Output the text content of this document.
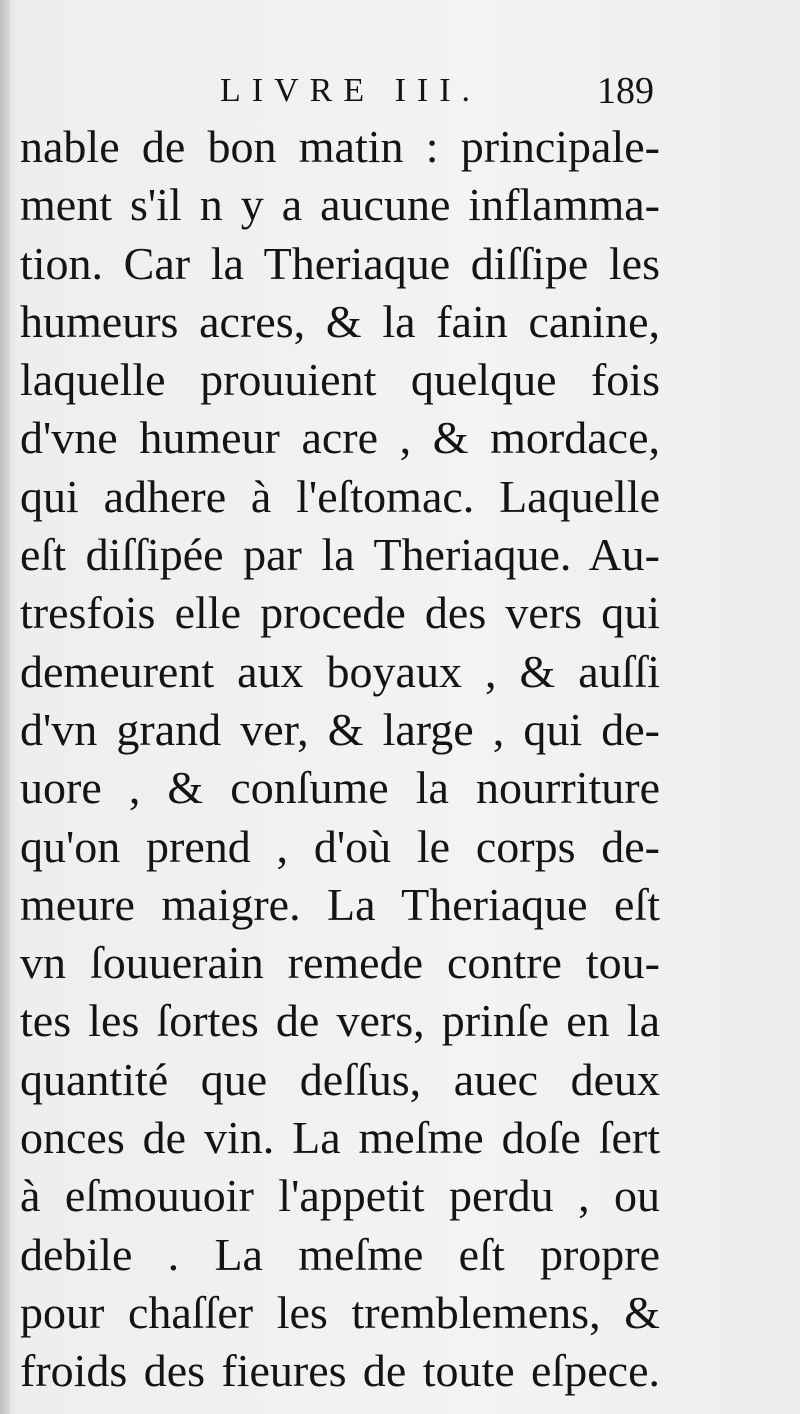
LIVRE III.	189
nable de bon matin : principale-
ment s'il n y a aucune inflamma-
tion. Car la Theriaque diſſipe les
humeurs acres, & la fain canine,
laquelle prouuient quelque fois
d'vne humeur acre , & mordace,
qui adhere à l'eſtomac. Laquelle
eſt diſſipée par la Theriaque. Au-
tresfois elle procede des vers qui
demeurent aux boyaux , & auſſi
d'vn grand ver, & large , qui de-
uore , & conſume la nourriture
qu'on prend , d'où le corps de-
meure maigre. La Theriaque eſt
vn ſouuerain remede contre tou-
tes les ſortes de vers, prinſe en la
quantité que deſſus, auec deux
onces de vin. La meſme doſe ſert
à eſmouuoir l'appetit perdu , ou
debile . La meſme eſt propre
pour chaſſer les tremblemens, &
froids des fieures de toute eſpece.
